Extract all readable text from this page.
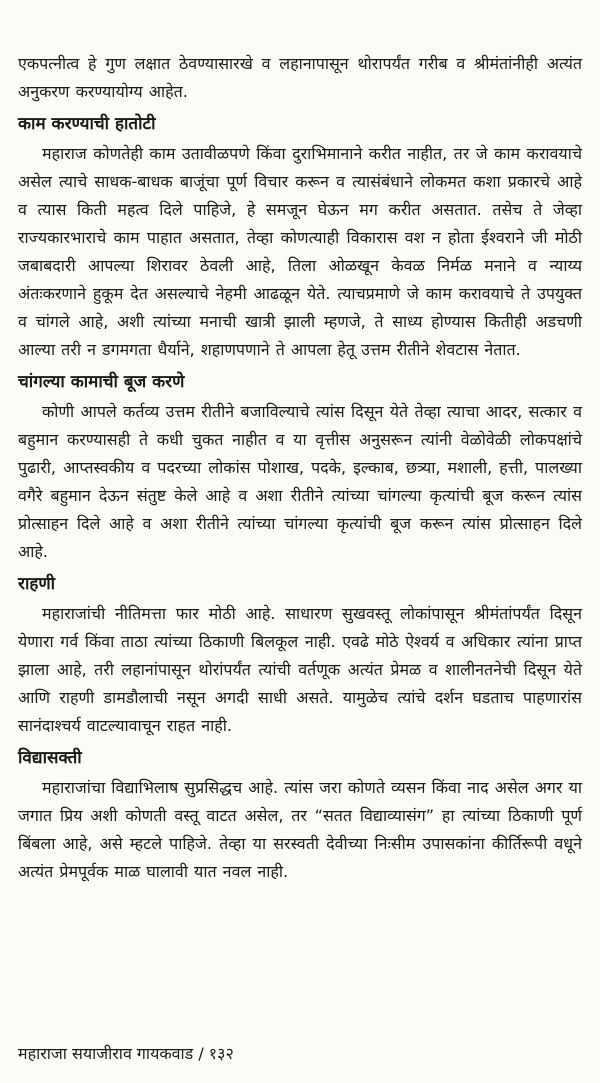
एकपत्नीत्व हे गुण लक्षात ठेवण्यासारखे व लहानापासून थोरापर्यंत गरीब व श्रीमंतांनीही अत्यंत अनुकरण करण्यायोग्य आहेत.

काम करण्याची हातोटी

महाराज कोणतेही काम उतावीळपणे किंवा दुराभिमानाने करीत नाहीत, तर जे काम करावयाचे असेल त्याचे साधक-बाधक बाजूंचा पूर्ण विचार करून व त्यासंबंधाने लोकमत कशा प्रकारचे आहे व त्यास किती महत्व दिले पाहिजे, हे समजून घेऊन मग करीत असतात. तसेच ते जेव्हा राज्यकारभाराचे काम पाहात असतात, तेव्हा कोणत्याही विकारास वश न होता ईश्वराने जी मोठी जबाबदारी आपल्या शिरावर ठेवली आहे, तिला ओळखून केवळ निर्मळ मनाने व न्याय्य अंतःकरणाने हुकूम देत असल्याचे नेहमी आढळून येते. त्याचप्रमाणे जे काम करावयाचे ते उपयुक्त व चांगले आहे, अशी त्यांच्या मनाची खात्री झाली म्हणजे, ते साध्य होण्यास कितीही अडचणी आल्या तरी न डगमगता धैर्याने, शहाणपणाने ते आपला हेतू उत्तम रीतीने शेवटास नेतात.

चांगल्या कामाची बूज करणे

कोणी आपले कर्तव्य उत्तम रीतीने बजाविल्याचे त्यांस दिसून येते तेव्हा त्याचा आदर, सत्कार व बहुमान करण्यासही ते कधी चुकत नाहीत व या वृत्तीस अनुसरून त्यांनी वेळोवेळी लोकपक्षांचे पुढारी, आप्तस्वकीय व पदरच्या लोकांस पोशाख, पदके, इल्काब, छत्र्या, मशाली, हत्ती, पालख्या वगैरे बहुमान देऊन संतुष्ट केले आहे व अशा रीतीने त्यांच्या चांगल्या कृत्यांची बूज करून त्यांस प्रोत्साहन दिले आहे व अशा रीतीने त्यांच्या चांगल्या कृत्यांची बूज करून त्यांस प्रोत्साहन दिले आहे.

राहणी

महाराजांची नीतिमत्ता फार मोठी आहे. साधारण सुखवस्तू लोकांपासून श्रीमंतांपर्यंत दिसून येणारा गर्व किंवा ताठा त्यांच्या ठिकाणी बिलकूल नाही. एवढे मोठे ऐश्वर्य व अधिकार त्यांना प्राप्त झाला आहे, तरी लहानांपासून थोरांपर्यंत त्यांची वर्तणूक अत्यंत प्रेमळ व शालीनतनेची दिसून येते आणि राहणी डामडौलाची नसून अगदी साधी असते. यामुळेच त्यांचे दर्शन घडताच पाहणारांस सानंदाश्चर्य वाटल्यावाचून राहत नाही.

विद्यासक्ती

महाराजांचा विद्याभिलाष सुप्रसिद्धच आहे. त्यांस जरा कोणते व्यसन किंवा नाद असेल अगर या जगात प्रिय अशी कोणती वस्तू वाटत असेल, तर “सतत विद्याव्यासंग” हा त्यांच्या ठिकाणी पूर्ण बिंबला आहे, असे म्हटले पाहिजे. तेव्हा या सरस्वती देवीच्या निःसीम उपासकांना कीर्तिरूपी वधूने अत्यंत प्रेमपूर्वक माळ घालावी यात नवल नाही.

महाराजा सयाजीराव गायकवाड / १३२
